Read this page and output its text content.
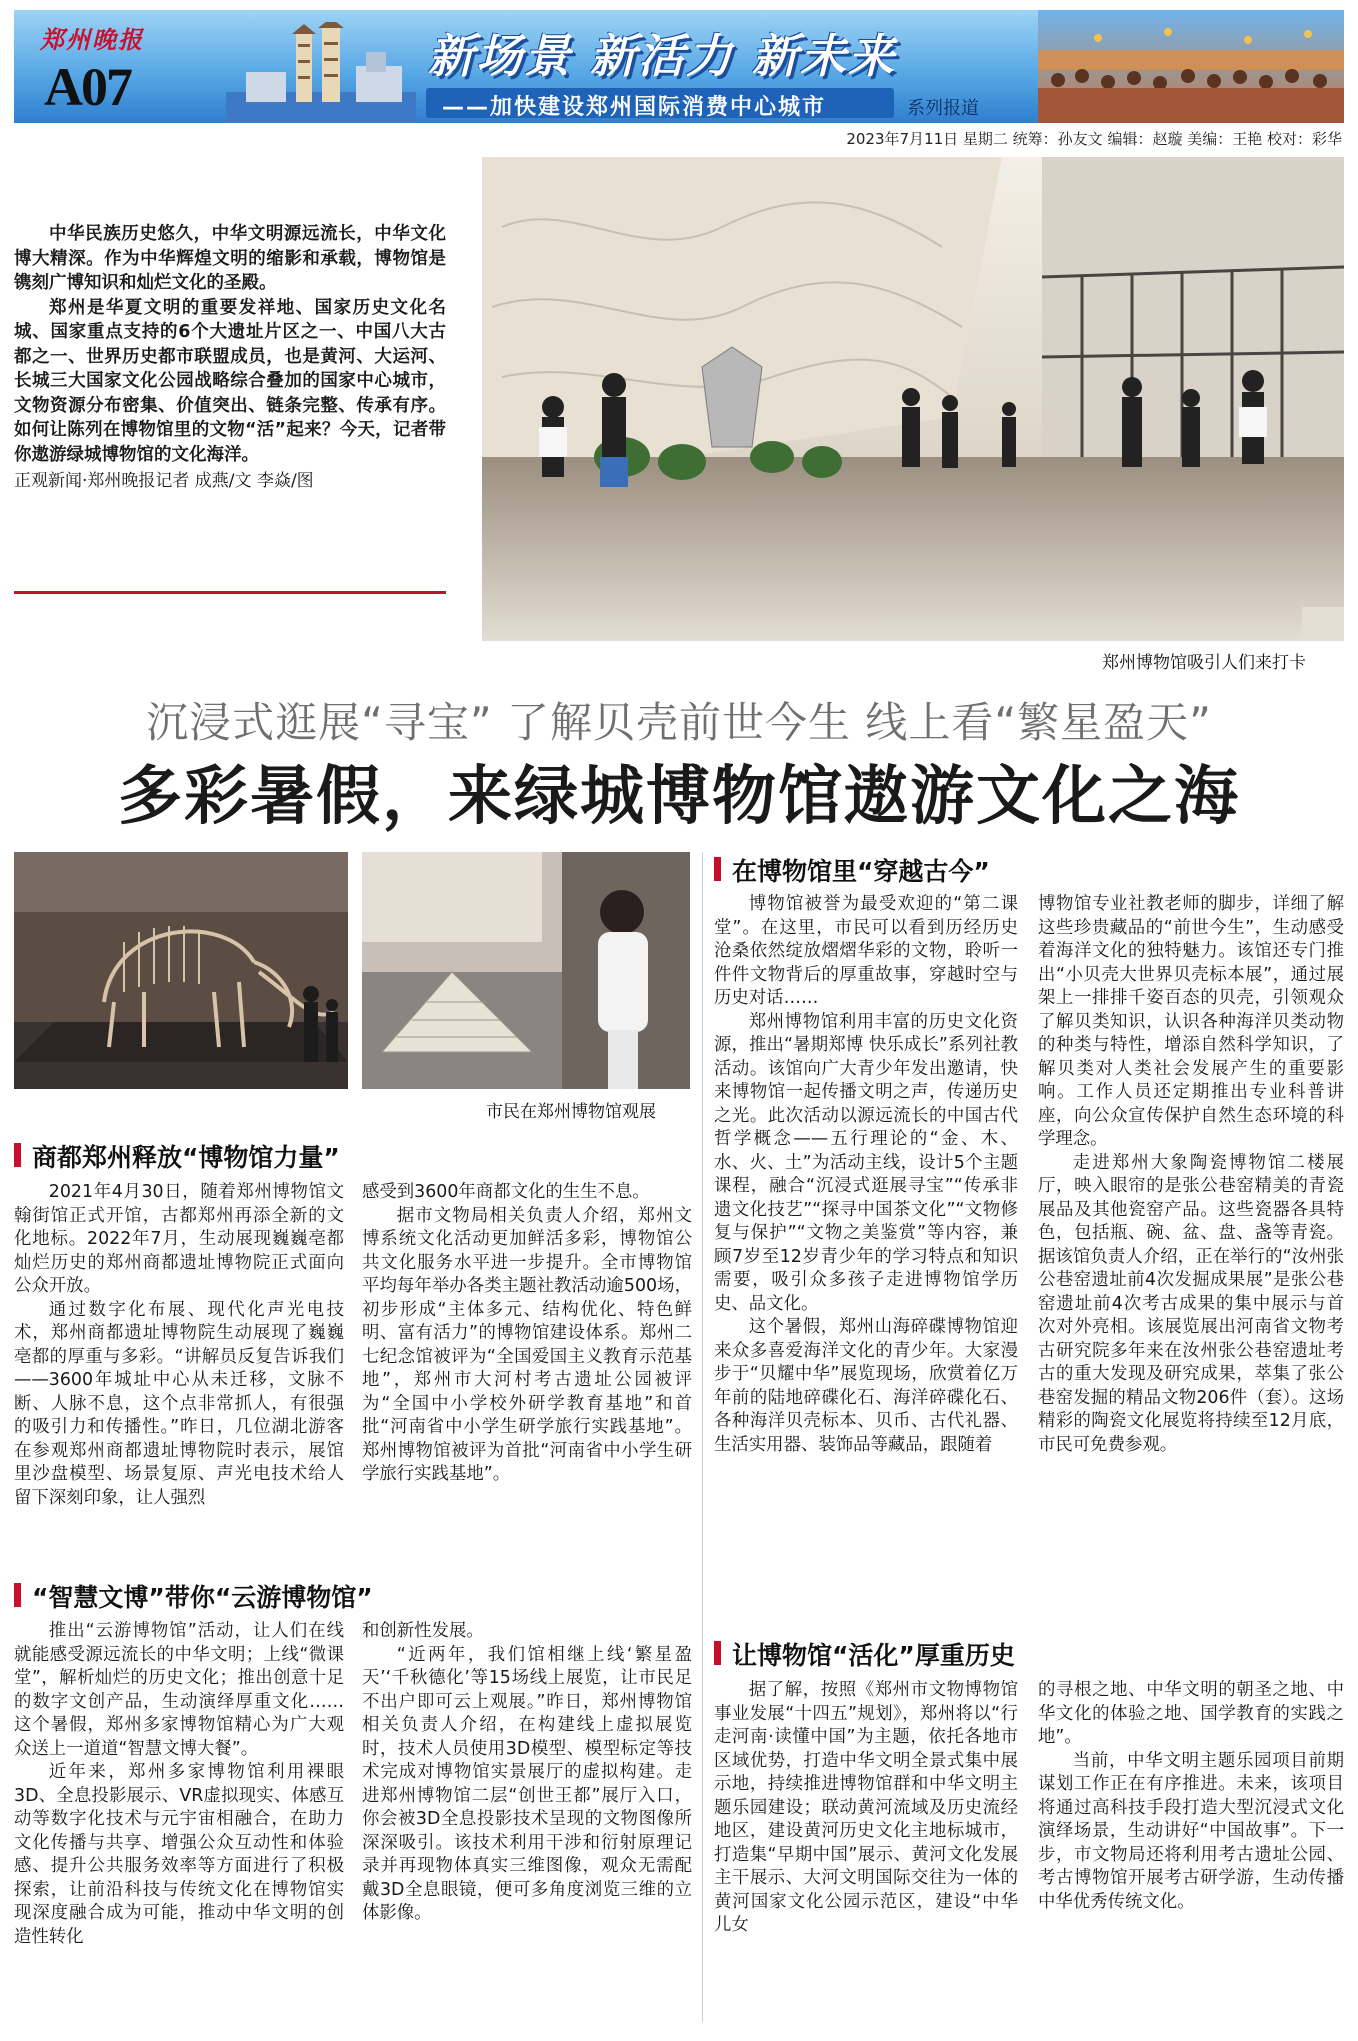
郑州晚报
A07
新场景 新活力 新未来
——加快建设郑州国际消费中心城市	系列报道
2023年7月11日 星期二 统筹：孙友文 编辑：赵璇 美编：王艳 校对：彩华

中华民族历史悠久，中华文明源远流长，中华文化博大精深。作为中华辉煌文明的缩影和承载，博物馆是镌刻广博知识和灿烂文化的圣殿。

郑州是华夏文明的重要发祥地、国家历史文化名城、国家重点支持的6个大遗址片区之一、中国八大古都之一、世界历史都市联盟成员，也是黄河、大运河、长城三大国家文化公园战略综合叠加的国家中心城市，文物资源分布密集、价值突出、链条完整、传承有序。如何让陈列在博物馆里的文物“活”起来？今天，记者带你遨游绿城博物馆的文化海洋。

正观新闻·郑州晚报记者 成燕/文 李焱/图

郑州博物馆吸引人们来打卡
沉浸式逛展“寻宝” 了解贝壳前世今生 线上看“繁星盈天”
多彩暑假，来绿城博物馆遨游文化之海
市民在郑州博物馆观展
商都郑州释放“博物馆力量”

2021年4月30日，随着郑州博物馆文翰街馆正式开馆，古都郑州再添全新的文化地标。2022年7月，生动展现巍巍亳都灿烂历史的郑州商都遗址博物院正式面向公众开放。

通过数字化布展、现代化声光电技术，郑州商都遗址博物院生动展现了巍巍亳都的厚重与多彩。“讲解员反复告诉我们——3600年城址中心从未迁移，文脉不断、人脉不息，这个点非常抓人，有很强的吸引力和传播性。”昨日，几位湖北游客在参观郑州商都遗址博物院时表示，展馆里沙盘模型、场景复原、声光电技术给人留下深刻印象，让人强烈

感受到3600年商都文化的生生不息。

据市文物局相关负责人介绍，郑州文博系统文化活动更加鲜活多彩，博物馆公共文化服务水平进一步提升。全市博物馆平均每年举办各类主题社教活动逾500场，初步形成“主体多元、结构优化、特色鲜明、富有活力”的博物馆建设体系。郑州二七纪念馆被评为“全国爱国主义教育示范基地”，郑州市大河村考古遗址公园被评为“全国中小学校外研学教育基地”和首批“河南省中小学生研学旅行实践基地”。郑州博物馆被评为首批“河南省中小学生研学旅行实践基地”。

“智慧文博”带你“云游博物馆”

推出“云游博物馆”活动，让人们在线就能感受源远流长的中华文明；上线“微课堂”，解析灿烂的历史文化；推出创意十足的数字文创产品，生动演绎厚重文化……这个暑假，郑州多家博物馆精心为广大观众送上一道道“智慧文博大餐”。

近年来，郑州多家博物馆利用裸眼3D、全息投影展示、VR虚拟现实、体感互动等数字化技术与元宇宙相融合，在助力文化传播与共享、增强公众互动性和体验感、提升公共服务效率等方面进行了积极探索，让前沿科技与传统文化在博物馆实现深度融合成为可能，推动中华文明的创造性转化

和创新性发展。

“近两年，我们馆相继上线‘繁星盈天’‘千秋德化’等15场线上展览，让市民足不出户即可云上观展。”昨日，郑州博物馆相关负责人介绍，在构建线上虚拟展览时，技术人员使用3D模型、模型标定等技术完成对博物馆实景展厅的虚拟构建。走进郑州博物馆二层“创世王都”展厅入口，你会被3D全息投影技术呈现的文物图像所深深吸引。该技术利用干涉和衍射原理记录并再现物体真实三维图像，观众无需配戴3D全息眼镜，便可多角度浏览三维的立体影像。

在博物馆里“穿越古今”

博物馆被誉为最受欢迎的“第二课堂”。在这里，市民可以看到历经历史沧桑依然绽放熠熠华彩的文物，聆听一件件文物背后的厚重故事，穿越时空与历史对话……

郑州博物馆利用丰富的历史文化资源，推出“暑期郑博 快乐成长”系列社教活动。该馆向广大青少年发出邀请，快来博物馆一起传播文明之声，传递历史之光。此次活动以源远流长的中国古代哲学概念——五行理论的“金、木、水、火、土”为活动主线，设计5个主题课程，融合“沉浸式逛展寻宝”“传承非遗文化技艺”“探寻中国茶文化”“文物修复与保护”“文物之美鉴赏”等内容，兼顾7岁至12岁青少年的学习特点和知识需要，吸引众多孩子走进博物馆学历史、品文化。

这个暑假，郑州山海碎碟博物馆迎来众多喜爱海洋文化的青少年。大家漫步于“贝耀中华”展览现场，欣赏着亿万年前的陆地碎碟化石、海洋碎碟化石、各种海洋贝壳标本、贝币、古代礼器、生活实用器、装饰品等藏品，跟随着

博物馆专业社教老师的脚步，详细了解这些珍贵藏品的“前世今生”，生动感受着海洋文化的独特魅力。该馆还专门推出“小贝壳大世界贝壳标本展”，通过展架上一排排千姿百态的贝壳，引领观众了解贝类知识，认识各种海洋贝类动物的种类与特性，增添自然科学知识，了解贝类对人类社会发展产生的重要影响。工作人员还定期推出专业科普讲座，向公众宣传保护自然生态环境的科学理念。

走进郑州大象陶瓷博物馆二楼展厅，映入眼帘的是张公巷窑精美的青瓷展品及其他瓷窑产品。这些瓷器各具特色，包括瓶、碗、盆、盘、盏等青瓷。据该馆负责人介绍，正在举行的“汝州张公巷窑遗址前4次发掘成果展”是张公巷窑遗址前4次考古成果的集中展示与首次对外亮相。该展览展出河南省文物考古研究院多年来在汝州张公巷窑遗址考古的重大发现及研究成果，萃集了张公巷窑发掘的精品文物206件（套）。这场精彩的陶瓷文化展览将持续至12月底，市民可免费参观。

让博物馆“活化”厚重历史

据了解，按照《郑州市文物博物馆事业发展“十四五”规划》，郑州将以“行走河南·读懂中国”为主题，依托各地市区域优势，打造中华文明全景式集中展示地，持续推进博物馆群和中华文明主题乐园建设；联动黄河流域及历史流经地区，建设黄河历史文化主地标城市，打造集“早期中国”展示、黄河文化发展主干展示、大河文明国际交往为一体的黄河国家文化公园示范区，建设“中华儿女

的寻根之地、中华文明的朝圣之地、中华文化的体验之地、国学教育的实践之地”。

当前，中华文明主题乐园项目前期谋划工作正在有序推进。未来，该项目将通过高科技手段打造大型沉浸式文化演绎场景，生动讲好“中国故事”。下一步，市文物局还将利用考古遗址公园、考古博物馆开展考古研学游，生动传播中华优秀传统文化。
